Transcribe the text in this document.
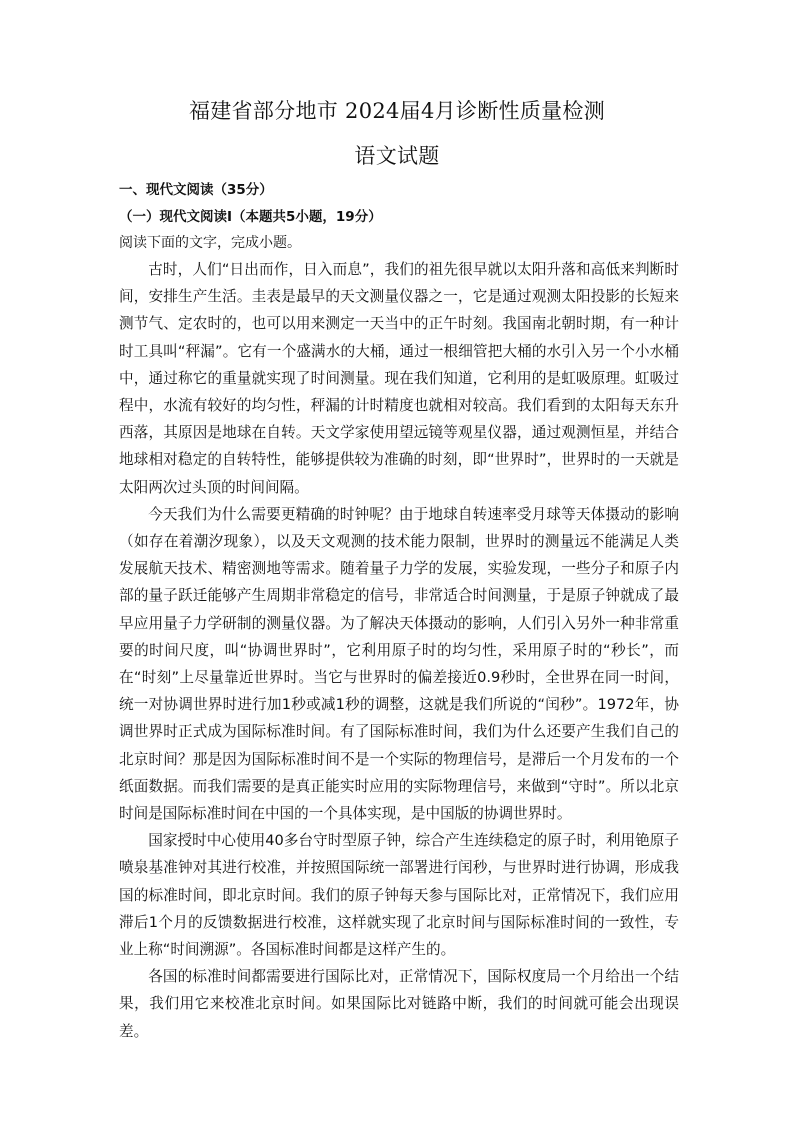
福建省部分地市 2024届4月诊断性质量检测
语文试题
一、现代文阅读（35分）
（一）现代文阅读Ⅰ（本题共5小题，19分）
阅读下面的文字，完成小题。

古时，人们“日出而作，日入而息”，我们的祖先很早就以太阳升落和高低来判断时间，安排生产生活。圭表是最早的天文测量仪器之一，它是通过观测太阳投影的长短来测节气、定农时的，也可以用来测定一天当中的正午时刻。我国南北朝时期，有一种计时工具叫“秤漏”。它有一个盛满水的大桶，通过一根细管把大桶的水引入另一个小水桶中，通过称它的重量就实现了时间测量。现在我们知道，它利用的是虹吸原理。虹吸过程中，水流有较好的均匀性，秤漏的计时精度也就相对较高。我们看到的太阳每天东升西落，其原因是地球在自转。天文学家使用望远镜等观星仪器，通过观测恒星，并结合地球相对稳定的自转特性，能够提供较为准确的时刻，即“世界时”，世界时的一天就是太阳两次过头顶的时间间隔。

今天我们为什么需要更精确的时钟呢？由于地球自转速率受月球等天体摄动的影响（如存在着潮汐现象），以及天文观测的技术能力限制，世界时的测量远不能满足人类发展航天技术、精密测地等需求。随着量子力学的发展，实验发现，一些分子和原子内部的量子跃迁能够产生周期非常稳定的信号，非常适合时间测量，于是原子钟就成了最早应用量子力学研制的测量仪器。为了解决天体摄动的影响，人们引入另外一种非常重要的时间尺度，叫“协调世界时”，它利用原子时的均匀性，采用原子时的“秒长”，而在“时刻”上尽量靠近世界时。当它与世界时的偏差接近0.9秒时，全世界在同一时间，统一对协调世界时进行加1秒或减1秒的调整，这就是我们所说的“闰秒”。1972年，协调世界时正式成为国际标准时间。有了国际标准时间，我们为什么还要产生我们自己的北京时间？那是因为国际标准时间不是一个实际的物理信号，是滞后一个月发布的一个纸面数据。而我们需要的是真正能实时应用的实际物理信号，来做到“守时”。所以北京时间是国际标准时间在中国的一个具体实现，是中国版的协调世界时。

国家授时中心使用40多台守时型原子钟，综合产生连续稳定的原子时，利用铯原子喷泉基准钟对其进行校准，并按照国际统一部署进行闰秒，与世界时进行协调，形成我国的标准时间，即北京时间。我们的原子钟每天参与国际比对，正常情况下，我们应用滞后1个月的反馈数据进行校准，这样就实现了北京时间与国际标准时间的一致性，专业上称“时间溯源”。各国标准时间都是这样产生的。

各国的标准时间都需要进行国际比对，正常情况下，国际权度局一个月给出一个结果，我们用它来校准北京时间。如果国际比对链路中断，我们的时间就可能会出现误差。
